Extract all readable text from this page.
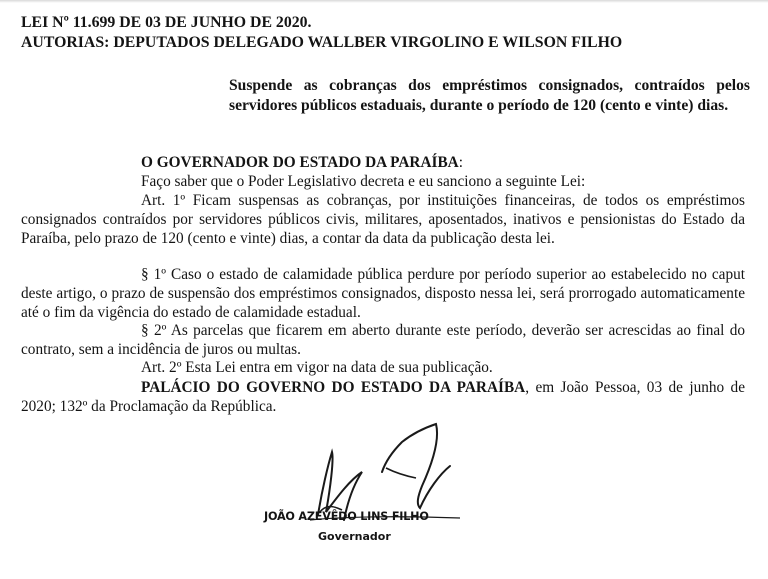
LEI Nº 11.699 DE 03 DE JUNHO DE 2020.
AUTORIAS: DEPUTADOS DELEGADO WALLBER VIRGOLINO E WILSON FILHO
Suspende as cobranças dos empréstimos consignados, contraídos pelos servidores públicos estaduais, durante o período de 120 (cento e vinte) dias.
O GOVERNADOR DO ESTADO DA PARAÍBA:
Faço saber que o Poder Legislativo decreta e eu sanciono a seguinte Lei:
Art. 1º Ficam suspensas as cobranças, por instituições financeiras, de todos os empréstimos consignados contraídos por servidores públicos civis, militares, aposentados, inativos e pensionistas do Estado da Paraíba, pelo prazo de 120 (cento e vinte) dias, a contar da data da publicação desta lei.
§ 1º Caso o estado de calamidade pública perdure por período superior ao estabelecido no caput deste artigo, o prazo de suspensão dos empréstimos consignados, disposto nessa lei, será prorrogado automaticamente até o fim da vigência do estado de calamidade estadual.
§ 2º As parcelas que ficarem em aberto durante este período, deverão ser acrescidas ao final do contrato, sem a incidência de juros ou multas.
Art. 2º Esta Lei entra em vigor na data de sua publicação.
PALÁCIO DO GOVERNO DO ESTADO DA PARAÍBA, em João Pessoa, 03 de junho de 2020; 132º da Proclamação da República.
JOÃO AZEVÊDO LINS FILHO
Governador
